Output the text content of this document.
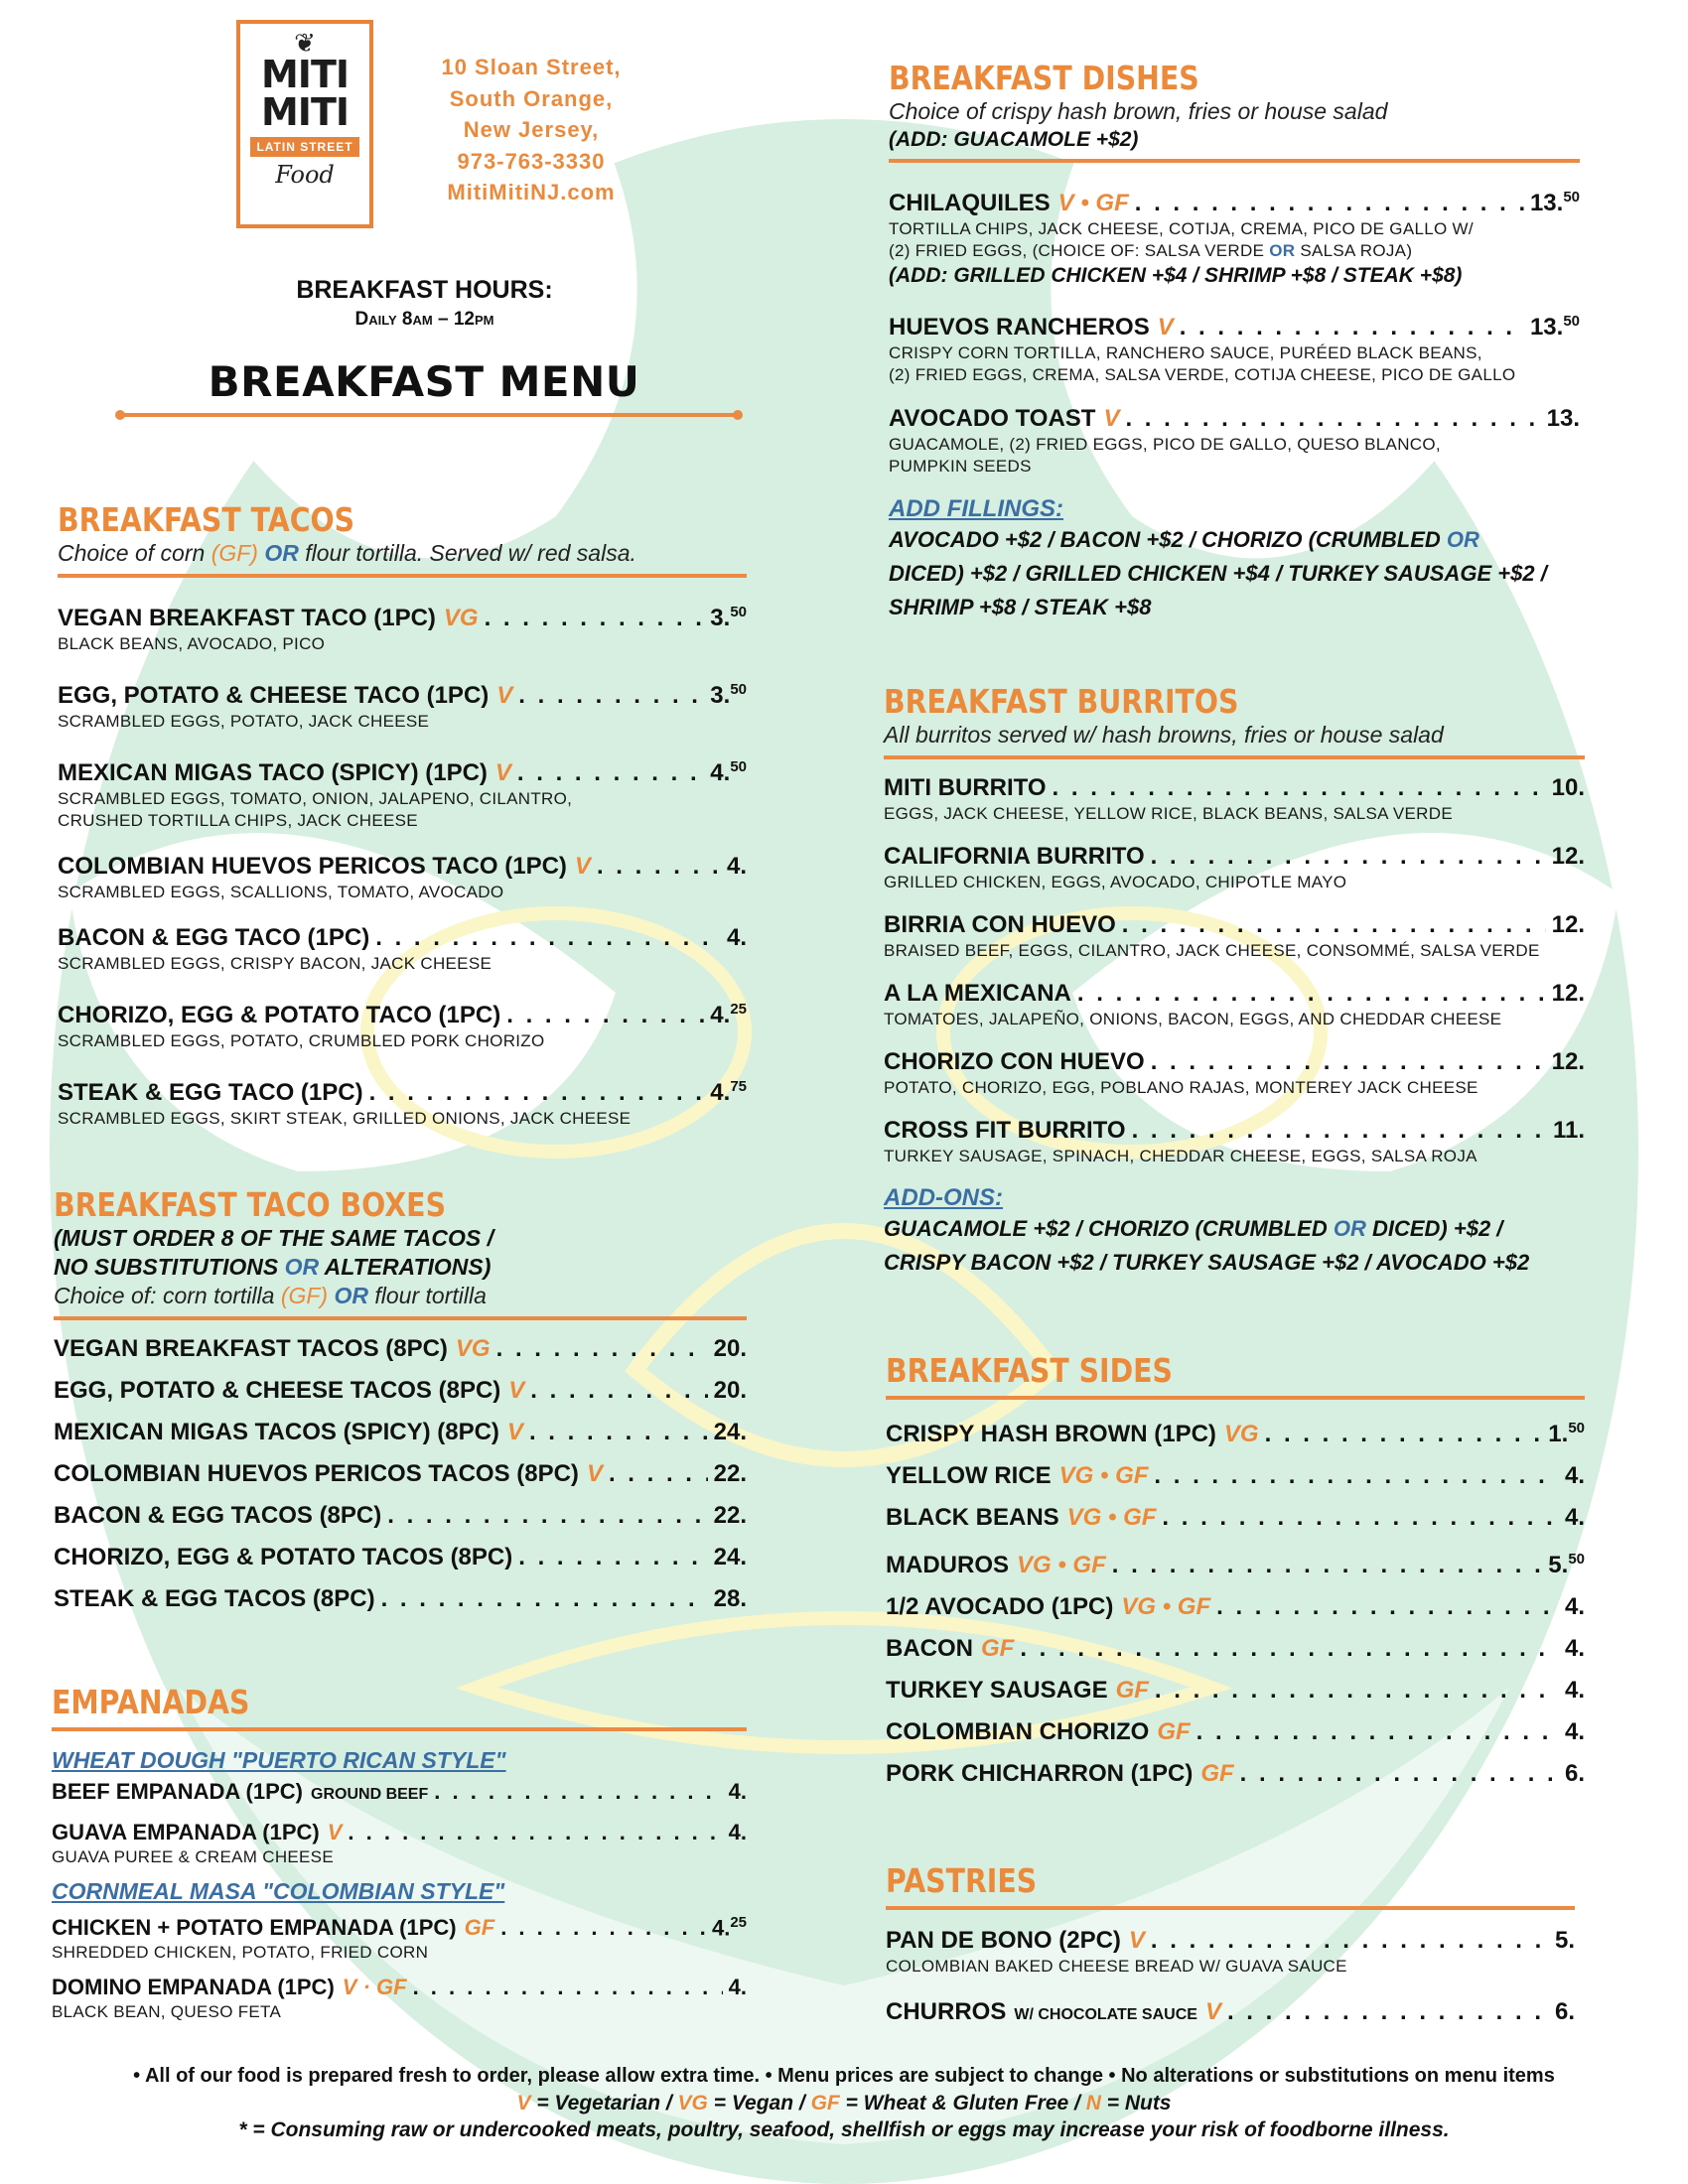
❦
MITI
MITI
LATIN STREET
Food
10 Sloan Street,
South Orange,
New Jersey,
973-763-3330
MitiMitiNJ.com
BREAKFAST HOURS:
Daily 8am – 12pm
BREAKFAST MENU
BREAKFAST TACOS
Choice of corn (GF) OR flour tortilla. Served w/ red salsa.
VEGAN BREAKFAST TACO (1PC) VG . . .	3.50
BLACK BEANS, AVOCADO, PICO
EGG, POTATO & CHEESE TACO (1PC) V . . .	3.50
SCRAMBLED EGGS, POTATO, JACK CHEESE
MEXICAN MIGAS TACO (SPICY) (1PC) V . . .	4.50
SCRAMBLED EGGS, TOMATO, ONION, JALAPENO, CILANTRO,
CRUSHED TORTILLA CHIPS, JACK CHEESE
COLOMBIAN HUEVOS PERICOS TACO (1PC) V . . .	4.
SCRAMBLED EGGS, SCALLIONS, TOMATO, AVOCADO
BACON & EGG TACO (1PC) . . .	4.
SCRAMBLED EGGS, CRISPY BACON, JACK CHEESE
CHORIZO, EGG & POTATO TACO (1PC) . . .	4.25
SCRAMBLED EGGS, POTATO, CRUMBLED PORK CHORIZO
STEAK & EGG TACO (1PC) . . .	4.75
SCRAMBLED EGGS, SKIRT STEAK, GRILLED ONIONS, JACK CHEESE
BREAKFAST TACO BOXES
(MUST ORDER 8 OF THE SAME TACOS /
NO SUBSTITUTIONS OR ALTERATIONS)
Choice of: corn tortilla (GF) OR flour tortilla
VEGAN BREAKFAST TACOS (8PC) VG . . .	20.
EGG, POTATO & CHEESE TACOS (8PC) V . . .	20.
MEXICAN MIGAS TACOS (SPICY) (8PC) V . . .	24.
COLOMBIAN HUEVOS PERICOS TACOS (8PC) V . . .	22.
BACON & EGG TACOS (8PC) . . .	22.
CHORIZO, EGG & POTATO TACOS (8PC) . . .	24.
STEAK & EGG TACOS (8PC) . . .	28.
EMPANADAS
WHEAT DOUGH "PUERTO RICAN STYLE"
BEEF EMPANADA (1PC) GROUND BEEF . . .	4.
GUAVA EMPANADA (1PC) V . . .	4.
GUAVA PUREE & CREAM CHEESE
CORNMEAL MASA "COLOMBIAN STYLE"
CHICKEN + POTATO EMPANADA (1PC) GF . . .	4.25
SHREDDED CHICKEN, POTATO, FRIED CORN
DOMINO EMPANADA (1PC) V · GF . . .	4.
BLACK BEAN, QUESO FETA
BREAKFAST DISHES
Choice of crispy hash brown, fries or house salad
(ADD: GUACAMOLE +$2)
CHILAQUILES V • GF . . .	13.50
TORTILLA CHIPS, JACK CHEESE, COTIJA, CREMA, PICO DE GALLO W/
(2) FRIED EGGS, (CHOICE OF: SALSA VERDE OR SALSA ROJA)
(ADD: GRILLED CHICKEN +$4 / SHRIMP +$8 / STEAK +$8)
HUEVOS RANCHEROS V . . .	13.50
CRISPY CORN TORTILLA, RANCHERO SAUCE, PURÉED BLACK BEANS,
(2) FRIED EGGS, CREMA, SALSA VERDE, COTIJA CHEESE, PICO DE GALLO
AVOCADO TOAST V . . .	13.
GUACAMOLE, (2) FRIED EGGS, PICO DE GALLO, QUESO BLANCO,
PUMPKIN SEEDS
ADD FILLINGS:
AVOCADO +$2 / BACON +$2 / CHORIZO (CRUMBLED OR
DICED) +$2 / GRILLED CHICKEN +$4 / TURKEY SAUSAGE +$2 /
SHRIMP +$8 / STEAK +$8
BREAKFAST BURRITOS
All burritos served w/ hash browns, fries or house salad
MITI BURRITO . . .	10.
EGGS, JACK CHEESE, YELLOW RICE, BLACK BEANS, SALSA VERDE
CALIFORNIA BURRITO . . .	12.
GRILLED CHICKEN, EGGS, AVOCADO, CHIPOTLE MAYO
BIRRIA CON HUEVO . . .	12.
BRAISED BEEF, EGGS, CILANTRO, JACK CHEESE, CONSOMMÉ, SALSA VERDE
A LA MEXICANA . . .	12.
TOMATOES, JALAPEÑO, ONIONS, BACON, EGGS, AND CHEDDAR CHEESE
CHORIZO CON HUEVO . . .	12.
POTATO, CHORIZO, EGG, POBLANO RAJAS, MONTEREY JACK CHEESE
CROSS FIT BURRITO . . .	11.
TURKEY SAUSAGE, SPINACH, CHEDDAR CHEESE, EGGS, SALSA ROJA
ADD-ONS:
GUACAMOLE +$2 / CHORIZO (CRUMBLED OR DICED) +$2 /
CRISPY BACON +$2 / TURKEY SAUSAGE +$2 / AVOCADO +$2
BREAKFAST SIDES
CRISPY HASH BROWN (1PC) VG . . .	1.50
YELLOW RICE VG • GF . . .	4.
BLACK BEANS VG • GF . . .	4.
MADUROS VG • GF . . .	5.50
1/2 AVOCADO (1PC) VG • GF . . .	4.
BACON GF . . .	4.
TURKEY SAUSAGE GF . . .	4.
COLOMBIAN CHORIZO GF . . .	4.
PORK CHICHARRON (1PC) GF . . .	6.
PASTRIES
PAN DE BONO (2PC) V . . .	5.
COLOMBIAN BAKED CHEESE BREAD W/ GUAVA SAUCE
CHURROS W/ CHOCOLATE SAUCE V . . .	6.
• All of our food is prepared fresh to order, please allow extra time. • Menu prices are subject to change • No alterations or substitutions on menu items
V = Vegetarian / VG = Vegan / GF = Wheat & Gluten Free / N = Nuts
* = Consuming raw or undercooked meats, poultry, seafood, shellfish or eggs may increase your risk of foodborne illness.
